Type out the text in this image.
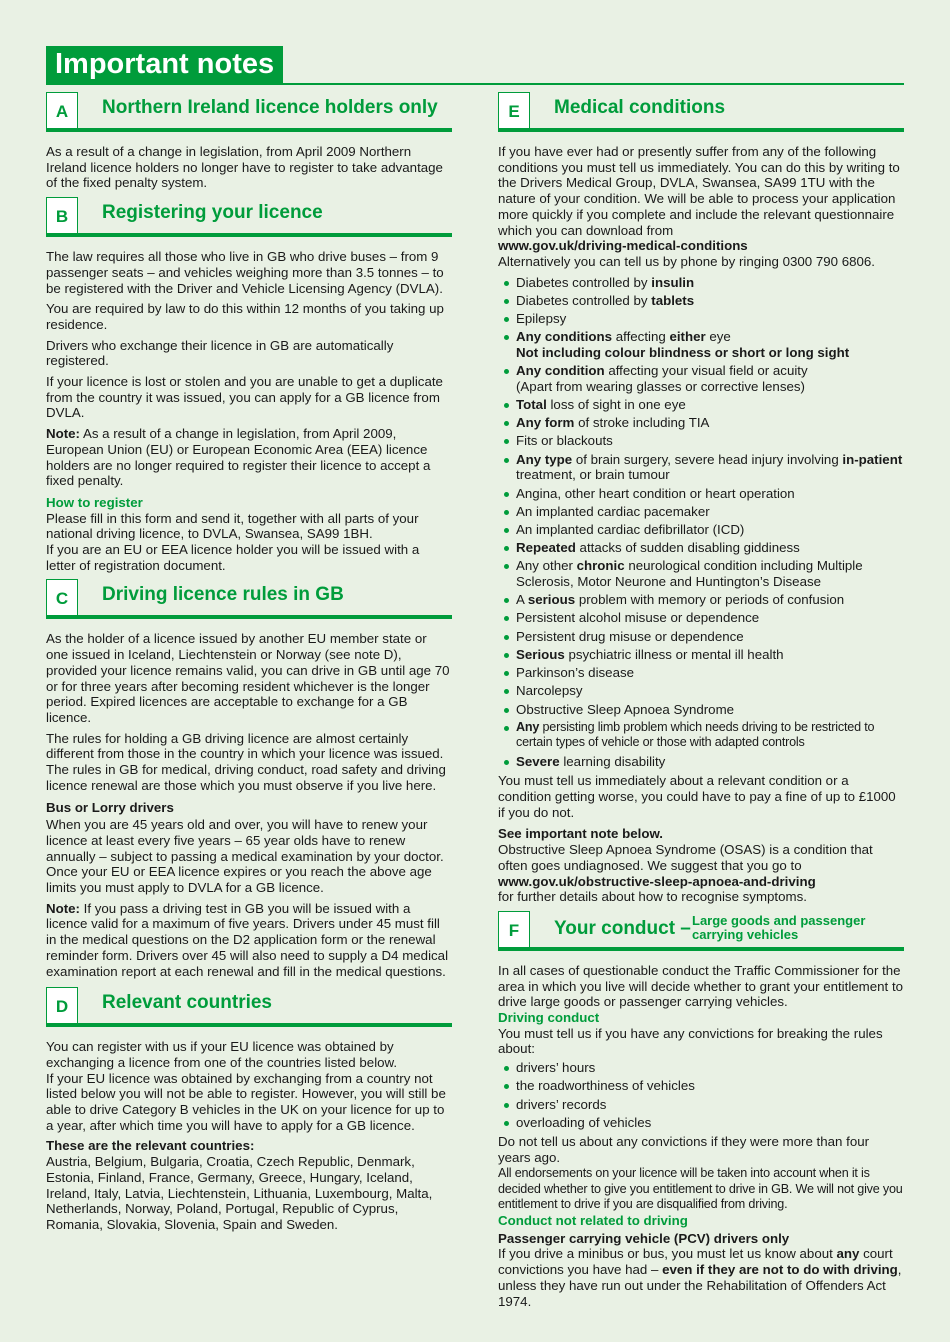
Important notes
A	Northern Ireland licence holders only

As a result of a change in legislation, from April 2009 Northern Ireland licence holders no longer have to register to take advantage of the fixed penalty system.

B	Registering your licence

The law requires all those who live in GB who drive buses – from 9 passenger seats – and vehicles weighing more than 3.5 tonnes – to be registered with the Driver and Vehicle Licensing Agency (DVLA).

You are required by law to do this within 12 months of you taking up residence.

Drivers who exchange their licence in GB are automatically registered.

If your licence is lost or stolen and you are unable to get a duplicate from the country it was issued, you can apply for a GB licence from DVLA.

Note: As a result of a change in legislation, from April 2009, European Union (EU) or European Economic Area (EEA) licence holders are no longer required to register their licence to accept a fixed penalty.

How to register

Please fill in this form and send it, together with all parts of your national driving licence, to DVLA, Swansea, SA99 1BH.

If you are an EU or EEA licence holder you will be issued with a letter of registration document.

C	Driving licence rules in GB

As the holder of a licence issued by another EU member state or one issued in Iceland, Liechtenstein or Norway (see note D), provided your licence remains valid, you can drive in GB until age 70 or for three years after becoming resident whichever is the longer period. Expired licences are acceptable to exchange for a GB licence.

The rules for holding a GB driving licence are almost certainly different from those in the country in which your licence was issued. The rules in GB for medical, driving conduct, road safety and driving licence renewal are those which you must observe if you live here.

Bus or Lorry drivers

When you are 45 years old and over, you will have to renew your licence at least every five years – 65 year olds have to renew annually – subject to passing a medical examination by your doctor. Once your EU or EEA licence expires or you reach the above age limits you must apply to DVLA for a GB licence.

Note: If you pass a driving test in GB you will be issued with a licence valid for a maximum of five years. Drivers under 45 must fill in the medical questions on the D2 application form or the renewal reminder form. Drivers over 45 will also need to supply a D4 medical examination report at each renewal and fill in the medical questions.

D	Relevant countries

You can register with us if your EU licence was obtained by exchanging a licence from one of the countries listed below.

If your EU licence was obtained by exchanging from a country not listed below you will not be able to register. However, you will still be able to drive Category B vehicles in the UK on your licence for up to a year, after which time you will have to apply for a GB licence.

These are the relevant countries:

Austria, Belgium, Bulgaria, Croatia, Czech Republic, Denmark, Estonia, Finland, France, Germany, Greece, Hungary, Iceland, Ireland, Italy, Latvia, Liechtenstein, Lithuania, Luxembourg, Malta, Netherlands, Norway, Poland, Portugal, Republic of Cyprus, Romania, Slovakia, Slovenia, Spain and Sweden.

E	Medical conditions

If you have ever had or presently suffer from any of the following conditions you must tell us immediately. You can do this by writing to the Drivers Medical Group, DVLA, Swansea, SA99 1TU with the nature of your condition. We will be able to process your application more quickly if you complete and include the relevant questionnaire which you can download from

www.gov.uk/driving-medical-conditions

Alternatively you can tell us by phone by ringing 0300 790 6806.

Diabetes controlled by insulin
Diabetes controlled by tablets
Epilepsy
Any conditions affecting either eye
Not including colour blindness or short or long sight
Any condition affecting your visual field or acuity
(Apart from wearing glasses or corrective lenses)
Total loss of sight in one eye
Any form of stroke including TIA
Fits or blackouts
Any type of brain surgery, severe head injury involving in-patient treatment, or brain tumour
Angina, other heart condition or heart operation
An implanted cardiac pacemaker
An implanted cardiac defibrillator (ICD)
Repeated attacks of sudden disabling giddiness
Any other chronic neurological condition including Multiple Sclerosis, Motor Neurone and Huntington’s Disease
A serious problem with memory or periods of confusion
Persistent alcohol misuse or dependence
Persistent drug misuse or dependence
Serious psychiatric illness or mental ill health
Parkinson’s disease
Narcolepsy
Obstructive Sleep Apnoea Syndrome
Any persisting limb problem which needs driving to be restricted to certain types of vehicle or those with adapted controls
Severe learning disability

You must tell us immediately about a relevant condition or a condition getting worse, you could have to pay a fine of up to £1000 if you do not.

See important note below.

Obstructive Sleep Apnoea Syndrome (OSAS) is a condition that often goes undiagnosed. We suggest that you go to

www.gov.uk/obstructive-sleep-apnoea-and-driving

for further details about how to recognise symptoms.

F	Your conduct – Large goods and passenger carrying vehicles

In all cases of questionable conduct the Traffic Commissioner for the area in which you live will decide whether to grant your entitlement to drive large goods or passenger carrying vehicles.

Driving conduct

You must tell us if you have any convictions for breaking the rules about:

drivers’ hours
the roadworthiness of vehicles
drivers’ records
overloading of vehicles

Do not tell us about any convictions if they were more than four years ago.

All endorsements on your licence will be taken into account when it is decided whether to give you entitlement to drive in GB. We will not give you entitlement to drive if you are disqualified from driving.

Conduct not related to driving

Passenger carrying vehicle (PCV) drivers only

If you drive a minibus or bus, you must let us know about any court convictions you have had – even if they are not to do with driving, unless they have run out under the Rehabilitation of Offenders Act 1974.
